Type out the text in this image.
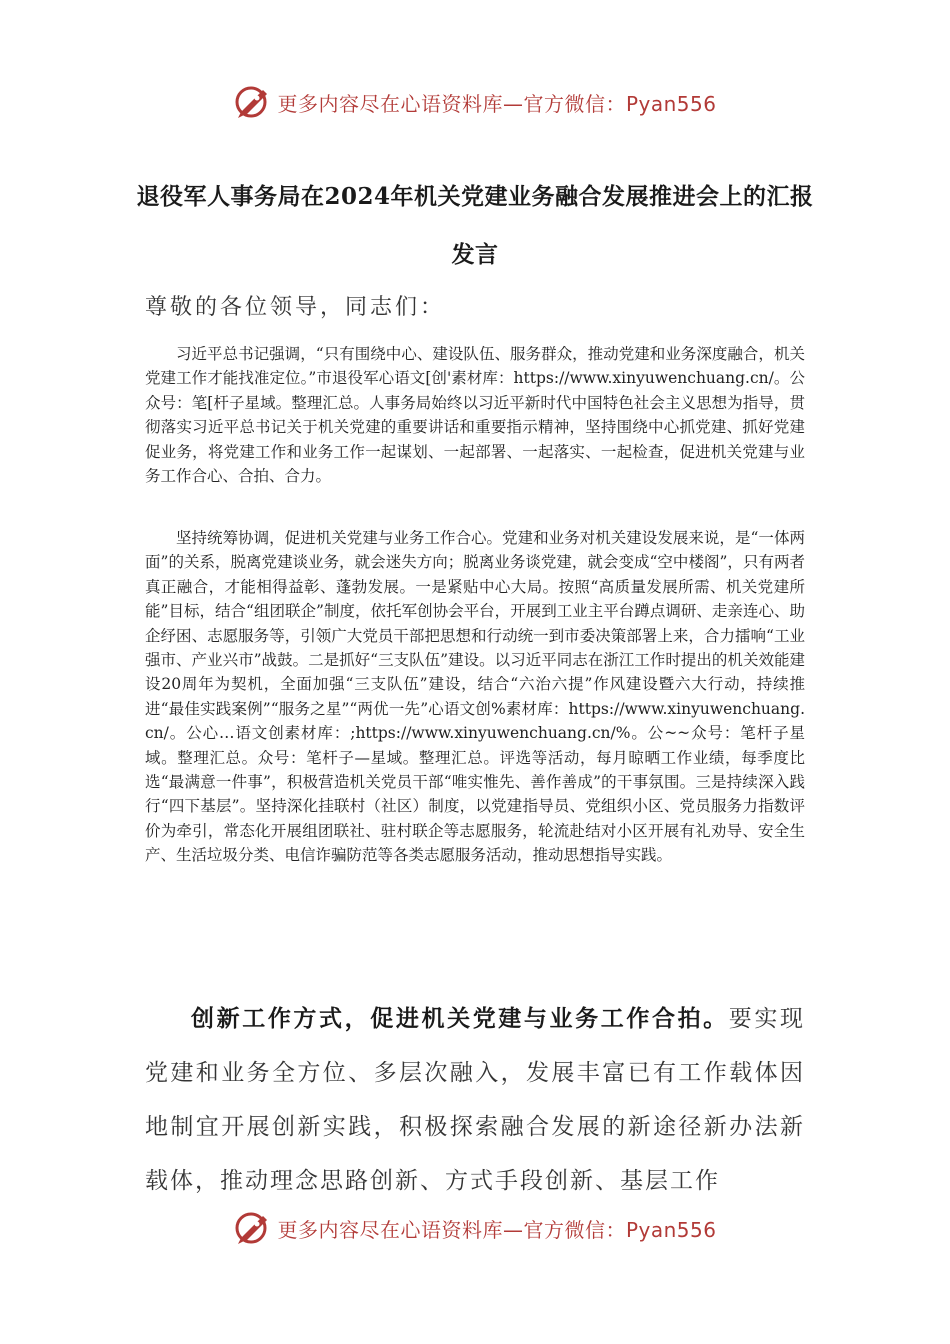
更多内容尽在心语资料库—官方微信：Pyan556
退役军人事务局在2024年机关党建业务融合发展推进会上的汇报发言
尊敬的各位领导，同志们：

习近平总书记强调，“只有围绕中心、建设队伍、服务群众，推动党建和业务深度融合，机关党建工作才能找准定位。”市退役军心语文[创'素材库：https://www.xinyuwenchuang.cn/。公众号：笔[杆子星域。整理汇总。人事务局始终以习近平新时代中国特色社会主义思想为指导，贯彻落实习近平总书记关于机关党建的重要讲话和重要指示精神，坚持围绕中心抓党建、抓好党建促业务，将党建工作和业务工作一起谋划、一起部署、一起落实、一起检查，促进机关党建与业务工作合心、合拍、合力。

坚持统筹协调，促进机关党建与业务工作合心。党建和业务对机关建设发展来说，是“一体两面”的关系，脱离党建谈业务，就会迷失方向；脱离业务谈党建，就会变成“空中楼阁”，只有两者真正融合，才能相得益彰、蓬勃发展。一是紧贴中心大局。按照“高质量发展所需、机关党建所能”目标，结合“组团联企”制度，依托军创协会平台，开展到工业主平台蹲点调研、走亲连心、助企纾困、志愿服务等，引领广大党员干部把思想和行动统一到市委决策部署上来，合力擂响“工业强市、产业兴市”战鼓。二是抓好“三支队伍”建设。以习近平同志在浙江工作时提出的机关效能建设20周年为契机，全面加强“三支队伍”建设，结合“六治六提”作风建设暨六大行动，持续推进“最佳实践案例”“服务之星”“两优一先”心语文创%素材库：https://www.xinyuwenchuang.cn/。公心…语文创素材库：;https://www.xinyuwenchuang.cn/%。公~~众号：笔杆子星域。整理汇总。众号：笔杆子—星域。整理汇总。评选等活动，每月晾晒工作业绩，每季度比选“最满意一件事”，积极营造机关党员干部“唯实惟先、善作善成”的干事氛围。三是持续深入践行“四下基层”。坚持深化挂联村（社区）制度，以党建指导员、党组织小区、党员服务力指数评价为牵引，常态化开展组团联社、驻村联企等志愿服务，轮流赴结对小区开展有礼劝导、安全生产、生活垃圾分类、电信诈骗防范等各类志愿服务活动，推动思想指导实践。

创新工作方式，促进机关党建与业务工作合拍。要实现党建和业务全方位、多层次融入，发展丰富已有工作载体因地制宜开展创新实践，积极探索融合发展的新途径新办法新载体，推动理念思路创新、方式手段创新、基层工作

更多内容尽在心语资料库—官方微信：Pyan556
